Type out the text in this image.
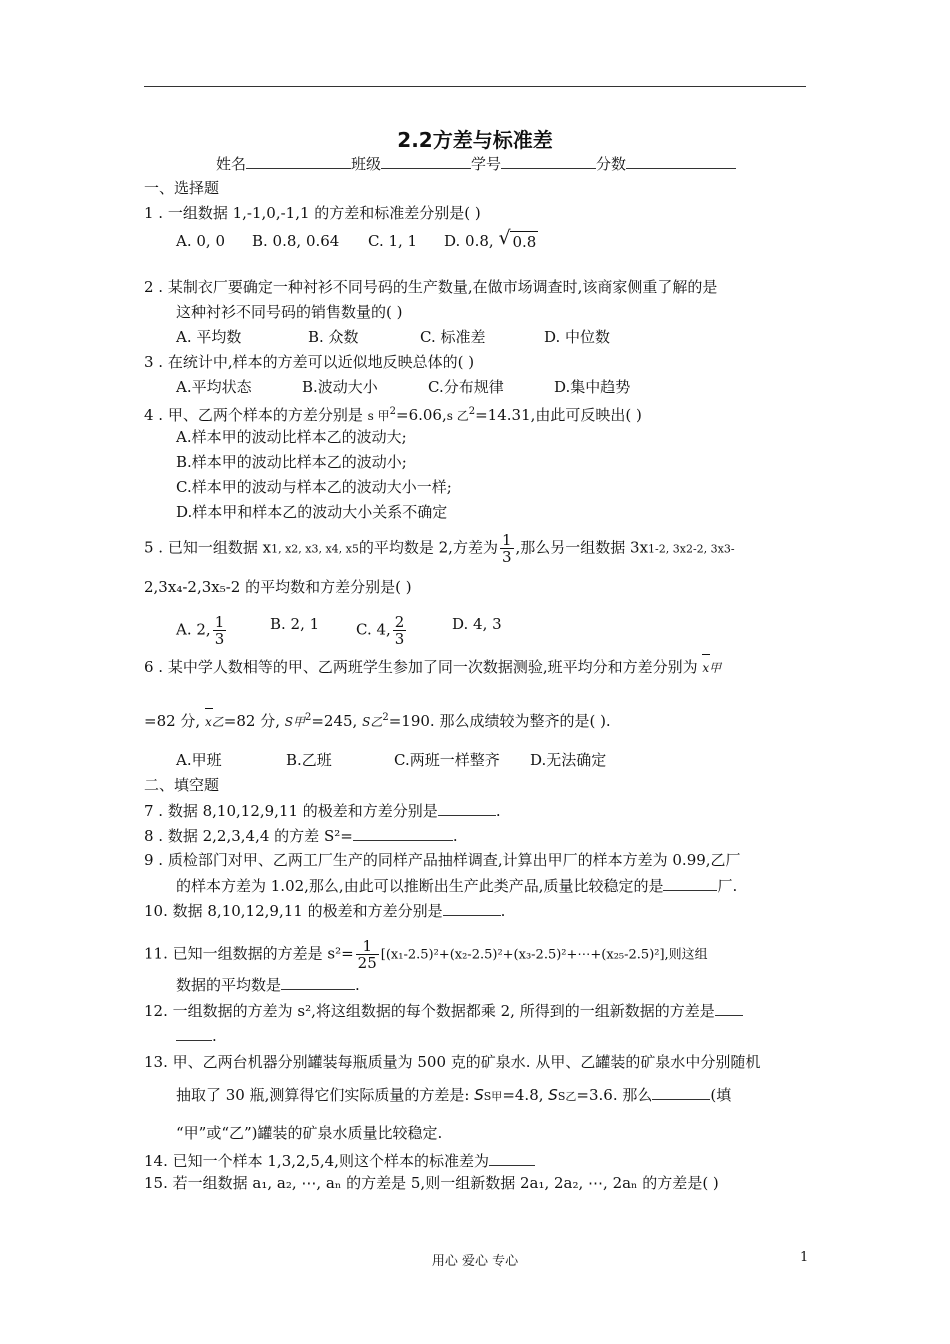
2.2方差与标准差
姓名	班级	学号	分数
一、选择题
1 . 一组数据 1,-1,0,-1,1 的方差和标准差分别是( )
A. 0, 0 B. 0.8, 0.64 C. 1, 1 D. 0.8, √ 0.8
2 . 某制衣厂要确定一种衬衫不同号码的生产数量,在做市场调查时,该商家侧重了解的是
这种衬衫不同号码的销售数量的( )
A. 平均数	B. 众数	C. 标准差	D. 中位数
3 . 在统计中,样本的方差可以近似地反映总体的( )
A.平均状态	B.波动大小	C.分布规律	D.集中趋势
4 . 甲、乙两个样本的方差分别是 s 甲$^2$=6.06,s 乙$^2$=14.31,由此可反映出( )
A.样本甲的波动比样本乙的波动大;
B.样本甲的波动比样本乙的波动小;
C.样本甲的波动与样本乙的波动大小一样;
D.样本甲和样本乙的波动大小关系不确定
5 . 已知一组数据 x1, x2, x3, x4, x5的平均数是 2,方差为 $\frac{1}{3}$ ,那么另一组数据 3x1-2, 3x2-2, 3x3-
2,3x₄-2,3x₅-2 的平均数和方差分别是( )
A. 2, $\frac{1}{3}$	B. 2, 1 C. 4, $\frac{2}{3}$	D. 4, 3
6 . 某中学人数相等的甲、乙两班学生参加了同一次数据测验,班平均分和方差分别为 x甲
=82 分, x乙=82 分, S甲$^2$=245, S乙$^2$=190. 那么成绩较为整齐的是( ).
A.甲班	B.乙班	C.两班一样整齐 D.无法确定
二、填空题
7 . 数据 8,10,12,9,11 的极差和方差分别是	.
8 . 数据 2,2,3,4,4 的方差 S²=	.
9 . 质检部门对甲、乙两工厂生产的同样产品抽样调查,计算出甲厂的样本方差为 0.99,乙厂
的样本方差为 1.02,那么,由此可以推断出生产此类产品,质量比较稳定的是	厂.
10. 数据 8,10,12,9,11 的极差和方差分别是	.
11. 已知一组数据的方差是 $s^2= \frac{1}{25}$ [(x₁-2.5)²+(x₂-2.5)²+(x₃-2.5)²+⋯+(x₂₅-2.5)²],则这组
数据的平均数是	.
12. 一组数据的方差为 s²,将这组数据的每个数据都乘 2, 所得到的一组新数据的方差是
.
13. 甲、乙两台机器分别罐装每瓶质量为 500 克的矿泉水. 从甲、乙罐装的矿泉水中分别随机
抽取了 30 瓶,测算得它们实际质量的方差是: SS甲=4.8, SS乙=3.6. 那么	(填
“甲”或“乙”)罐装的矿泉水质量比较稳定.
14. 已知一个样本 1,3,2,5,4,则这个样本的标准差为
15. 若一组数据 a₁, a₂, ⋯, aₙ 的方差是 5,则一组新数据 2a₁, 2a₂, ⋯, 2aₙ 的方差是( )
用心 爱心 专心	1
